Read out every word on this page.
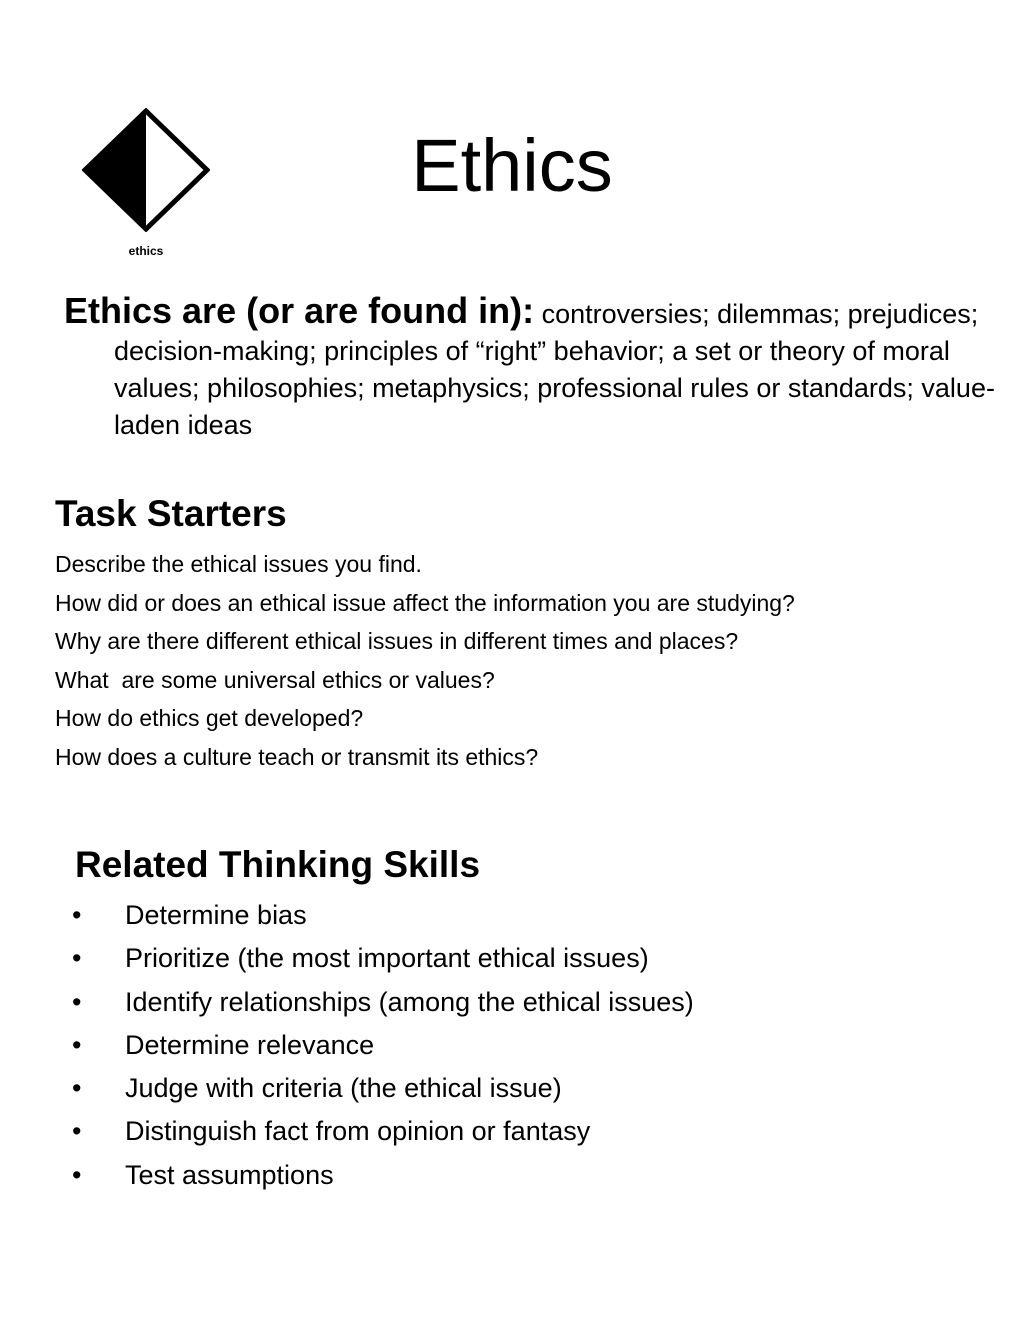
ethics
Ethics

Ethics are (or are found in): controversies; dilemmas; prejudices; decision-making; principles of “right” behavior; a set or theory of moral values; philosophies; metaphysics; professional rules or standards; value-laden ideas

Task Starters
Describe the ethical issues you find.
How did or does an ethical issue affect the information you are studying?
Why are there different ethical issues in different times and places?
What  are some universal ethics or values?
How do ethics get developed?
How does a culture teach or transmit its ethics?
Related Thinking Skills
• Determine bias
• Prioritize (the most important ethical issues)
• Identify relationships (among the ethical issues)
• Determine relevance
• Judge with criteria (the ethical issue)
• Distinguish fact from opinion or fantasy
• Test assumptions
